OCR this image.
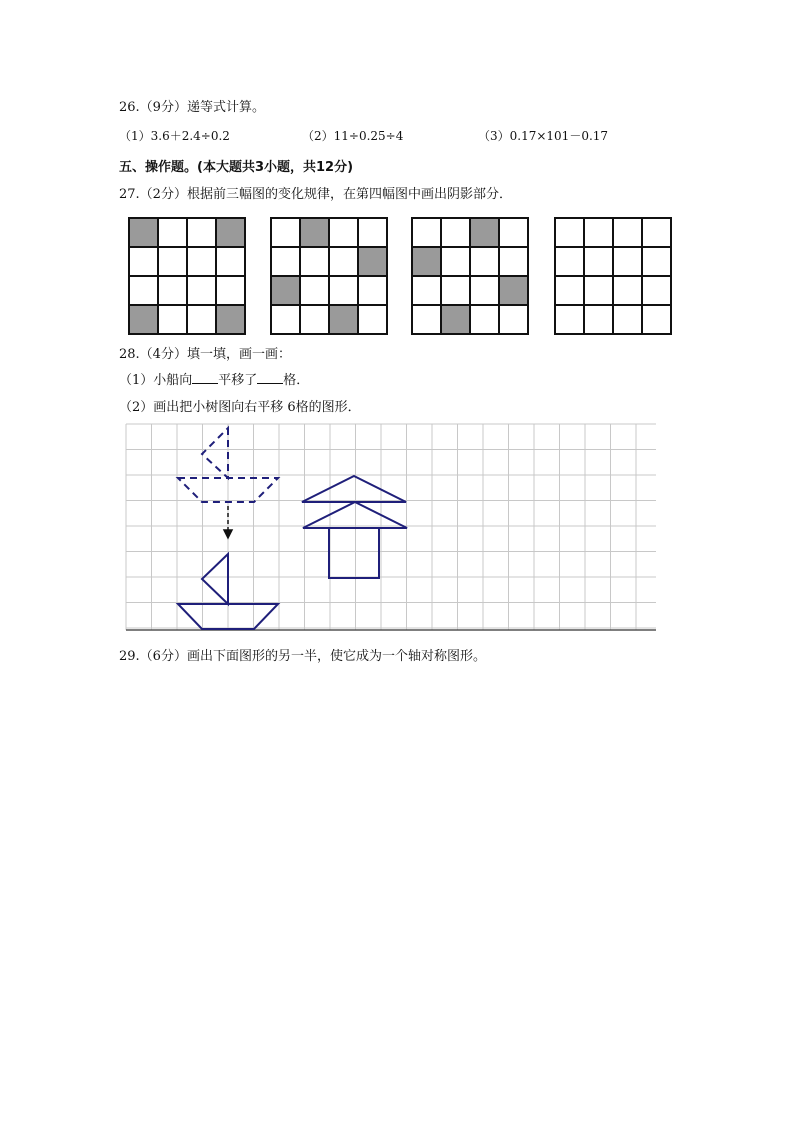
26.（9分）递等式计算。
（1）3.6＋2.4÷0.2	（2）11÷0.25÷4	（3）0.17×101－0.17
五、操作题。(本大题共3小题，共12分)
27.（2分）根据前三幅图的变化规律，在第四幅图中画出阴影部分．
28.（4分）填一填，画一画：
（1）小船向 平移了 格．
（2）画出把小树图向右平移 6格的图形．
29.（6分）画出下面图形的另一半，使它成为一个轴对称图形。
